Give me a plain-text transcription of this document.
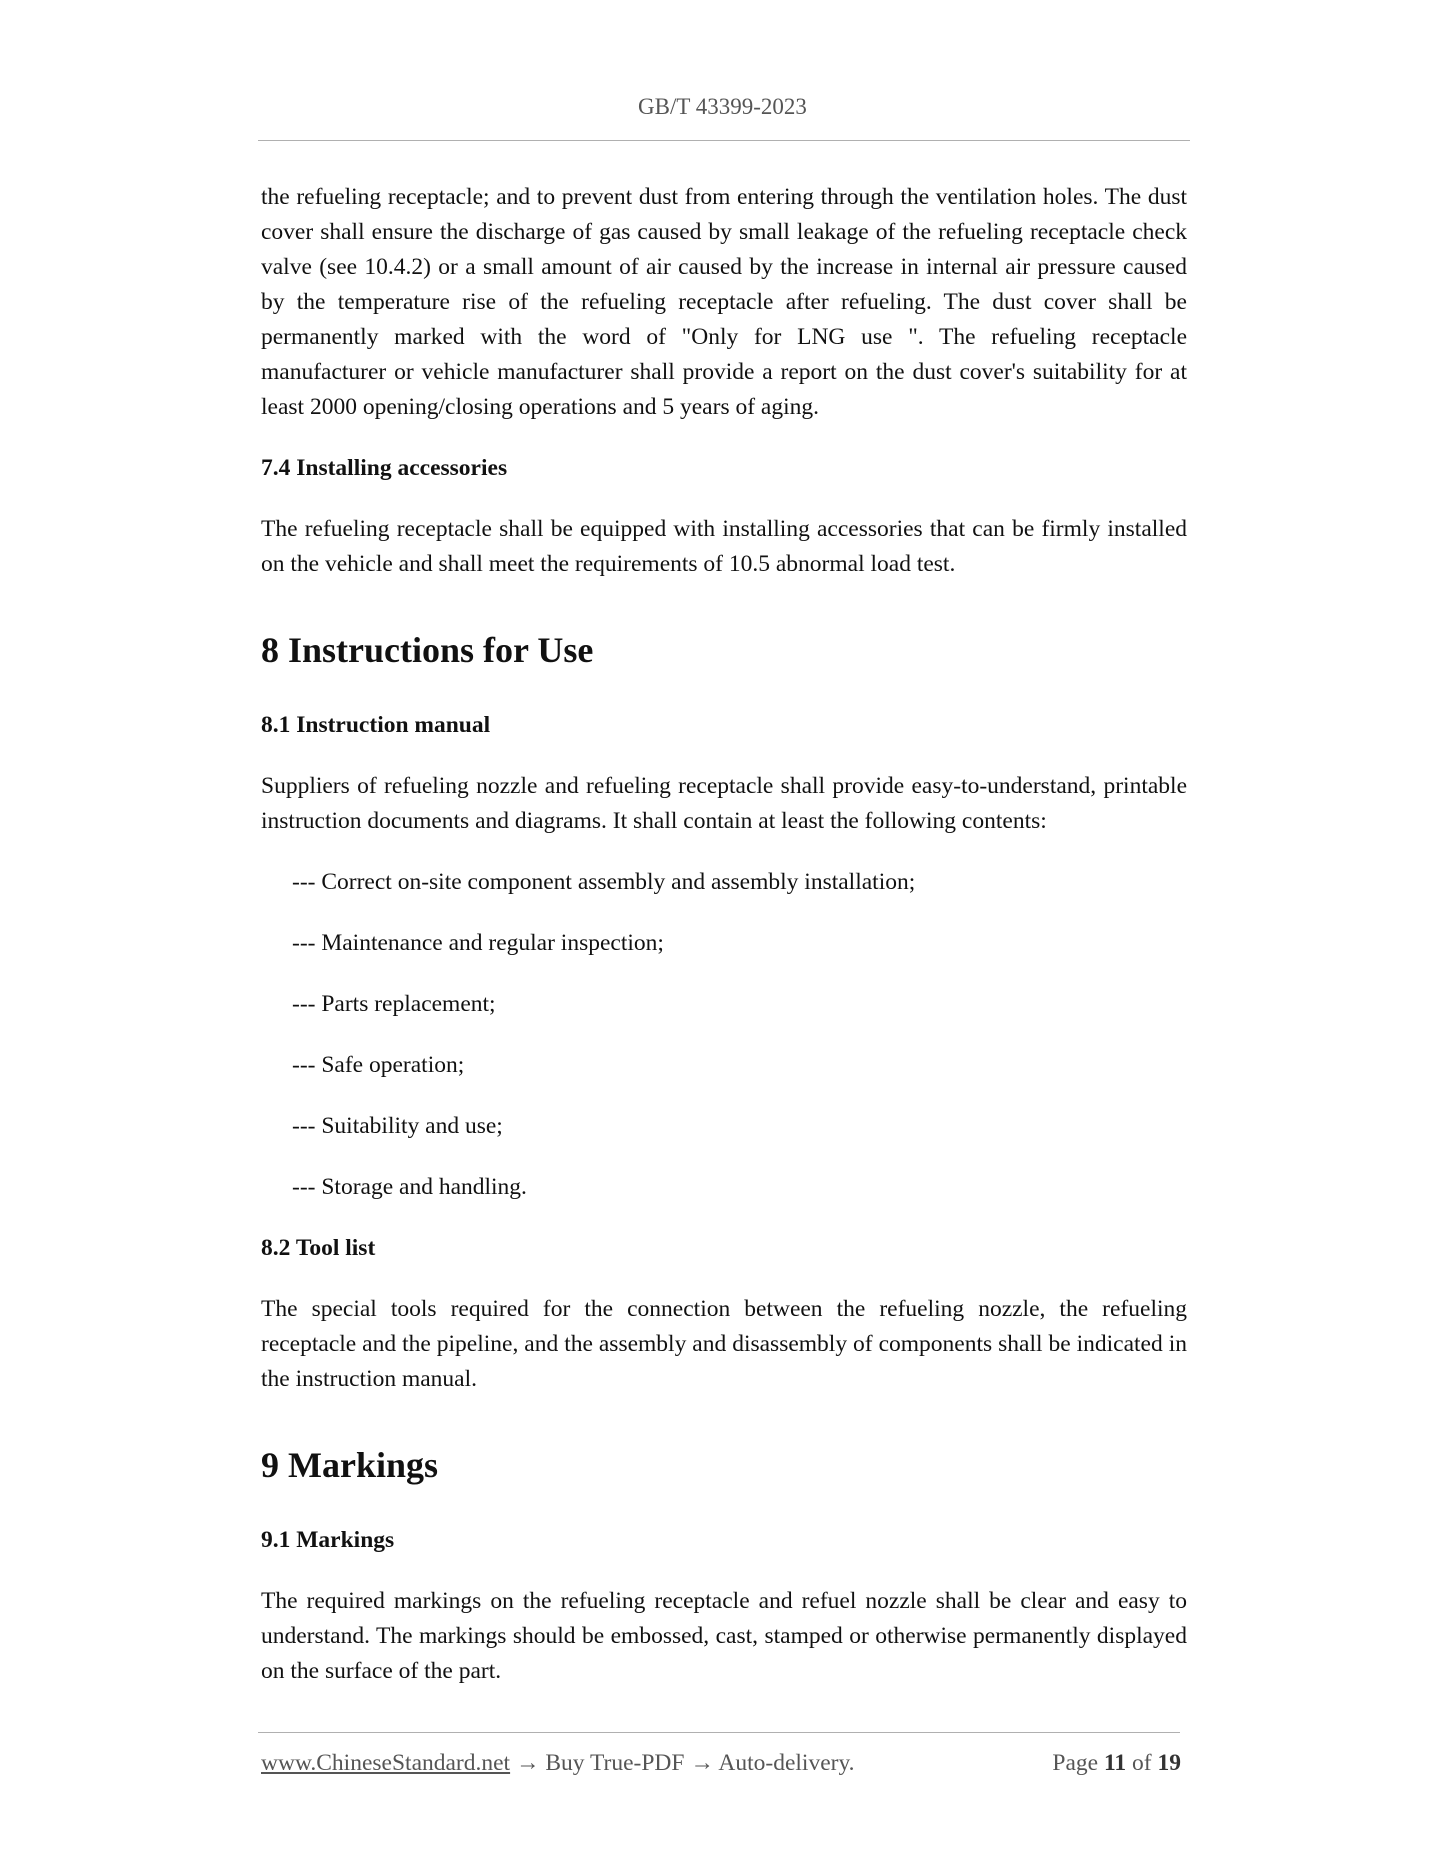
GB/T 43399-2023

the refueling receptacle; and to prevent dust from entering through the ventilation holes. The dust cover shall ensure the discharge of gas caused by small leakage of the refueling receptacle check valve (see 10.4.2) or a small amount of air caused by the increase in internal air pressure caused by the temperature rise of the refueling receptacle after refueling. The dust cover shall be permanently marked with the word of "Only for LNG use ". The refueling receptacle manufacturer or vehicle manufacturer shall provide a report on the dust cover's suitability for at least 2000 opening/closing operations and 5 years of aging.

7.4 Installing accessories

The refueling receptacle shall be equipped with installing accessories that can be firmly installed on the vehicle and shall meet the requirements of 10.5 abnormal load test.

8 Instructions for Use

8.1 Instruction manual

Suppliers of refueling nozzle and refueling receptacle shall provide easy-to-understand, printable instruction documents and diagrams. It shall contain at least the following contents:

--- Correct on-site component assembly and assembly installation;

--- Maintenance and regular inspection;

--- Parts replacement;

--- Safe operation;

--- Suitability and use;

--- Storage and handling.

8.2 Tool list

The special tools required for the connection between the refueling nozzle, the refueling receptacle and the pipeline, and the assembly and disassembly of components shall be indicated in the instruction manual.

9 Markings

9.1 Markings

The required markings on the refueling receptacle and refuel nozzle shall be clear and easy to understand. The markings should be embossed, cast, stamped or otherwise permanently displayed on the surface of the part.

www.ChineseStandard.net → Buy True-PDF → Auto-delivery.	Page 11 of 19
